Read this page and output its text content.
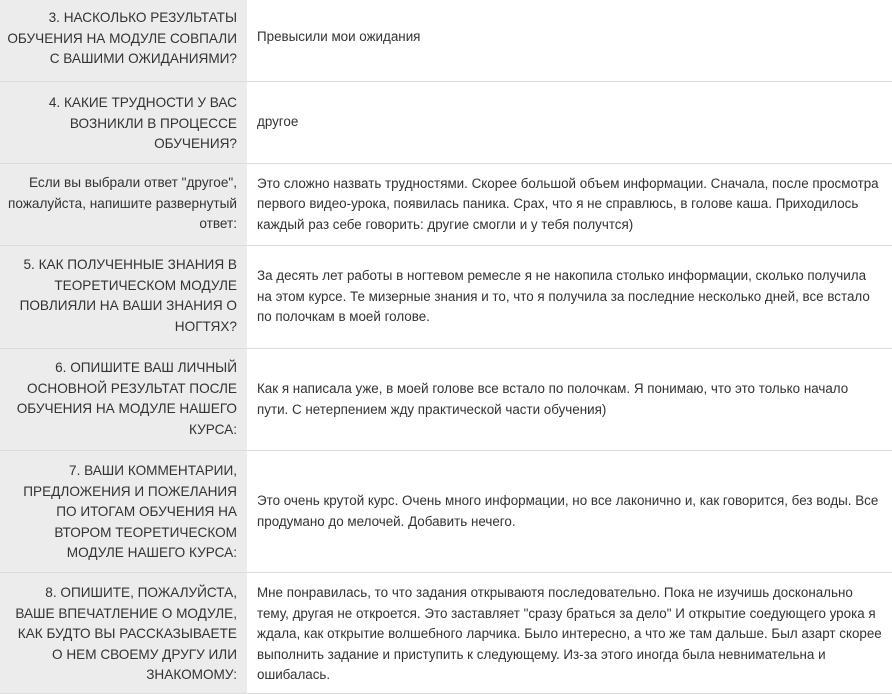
3. НАСКОЛЬКО РЕЗУЛЬТАТЫ ОБУЧЕНИЯ НА МОДУЛЕ СОВПАЛИ С ВАШИМИ ОЖИДАНИЯМИ?
Превысили мои ожидания
4. КАКИЕ ТРУДНОСТИ У ВАС ВОЗНИКЛИ В ПРОЦЕССЕ ОБУЧЕНИЯ?
другое
Если вы выбрали ответ "другое", пожалуйста, напишите развернутый ответ:
Это сложно назвать трудностями. Скорее большой объем информации. Сначала, после просмотра первого видео-урока, появилась паника. Срах, что я не справлюсь, в голове каша. Приходилось каждый раз себе говорить: другие смогли и у тебя получтся)
5. КАК ПОЛУЧЕННЫЕ ЗНАНИЯ В ТЕОРЕТИЧЕСКОМ МОДУЛЕ ПОВЛИЯЛИ НА ВАШИ ЗНАНИЯ О НОГТЯХ?
За десять лет работы в ногтевом ремесле я не накопила столько информации, сколько получила на этом курсе. Те мизерные знания и то, что я получила за последние несколько дней, все встало по полочкам в моей голове.
6. ОПИШИТЕ ВАШ ЛИЧНЫЙ ОСНОВНОЙ РЕЗУЛЬТАТ ПОСЛЕ ОБУЧЕНИЯ НА МОДУЛЕ НАШЕГО КУРСА:
Как я написала уже, в моей голове все встало по полочкам. Я понимаю, что это только начало пути. С нетерпением жду практической части обучения)
7. ВАШИ КОММЕНТАРИИ, ПРЕДЛОЖЕНИЯ И ПОЖЕЛАНИЯ ПО ИТОГАМ ОБУЧЕНИЯ НА ВТОРОМ ТЕОРЕТИЧЕСКОМ МОДУЛЕ НАШЕГО КУРСА:
Это очень крутой курс. Очень много информации, но все лаконично и, как говорится, без воды. Все продумано до мелочей. Добавить нечего.
8. ОПИШИТЕ, ПОЖАЛУЙСТА, ВАШЕ ВПЕЧАТЛЕНИЕ О МОДУЛЕ, КАК БУДТО ВЫ РАССКАЗЫВАЕТЕ О НЕМ СВОЕМУ ДРУГУ ИЛИ ЗНАКОМОМУ:
Мне понравилась, то что задания открываютя последовательно. Пока не изучишь досконально тему, другая не откроется. Это заставляет "сразу браться за дело" И открытие соедующего урока я ждала, как открытие волшебного ларчика. Было интересно, а что же там дальше. Был азарт скорее выполнить задание и приступить к следующему. Из-за этого иногда была невнимательна и ошибалась.
